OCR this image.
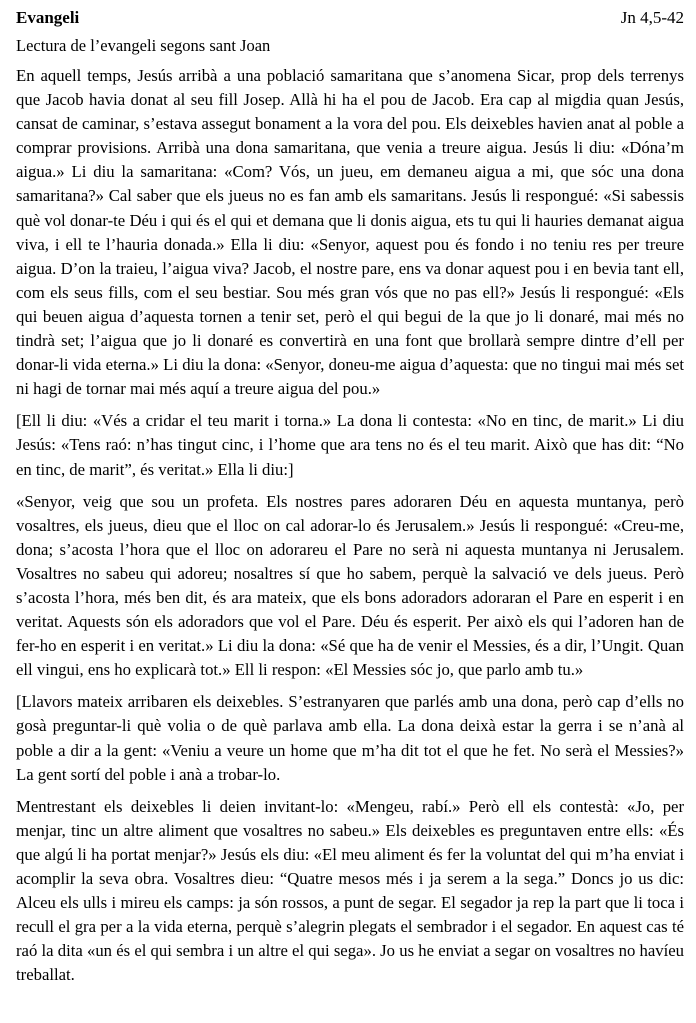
Evangeli	Jn 4,5-42
Lectura de l’evangeli segons sant Joan

En aquell temps, Jesús arribà a una població samaritana que s’anomena Sicar, prop dels terrenys que Jacob havia donat al seu fill Josep. Allà hi ha el pou de Jacob. Era cap al migdia quan Jesús, cansat de caminar, s’estava assegut bonament a la vora del pou. Els deixebles havien anat al poble a comprar provisions. Arribà una dona samaritana, que venia a treure aigua. Jesús li diu: «Dóna’m aigua.» Li diu la samaritana: «Com? Vós, un jueu, em demaneu aigua a mi, que sóc una dona samaritana?» Cal saber que els jueus no es fan amb els samaritans. Jesús li respongué: «Si sabessis què vol donar-te Déu i qui és el qui et demana que li donis aigua, ets tu qui li hauries demanat aigua viva, i ell te l’hauria donada.» Ella li diu: «Senyor, aquest pou és fondo i no teniu res per treure aigua. D’on la traieu, l’aigua viva? Jacob, el nostre pare, ens va donar aquest pou i en bevia tant ell, com els seus fills, com el seu bestiar. Sou més gran vós que no pas ell?» Jesús li respongué: «Els qui beuen aigua d’aquesta tornen a tenir set, però el qui begui de la que jo li donaré, mai més no tindrà set; l’aigua que jo li donaré es convertirà en una font que brollarà sempre dintre d’ell per donar-li vida eterna.» Li diu la dona: «Senyor, doneu-me aigua d’aquesta: que no tingui mai més set ni hagi de tornar mai més aquí a treure aigua del pou.»

[Ell li diu: «Vés a cridar el teu marit i torna.» La dona li contesta: «No en tinc, de marit.» Li diu Jesús: «Tens raó: n’has tingut cinc, i l’home que ara tens no és el teu marit. Això que has dit: “No en tinc, de marit”, és veritat.» Ella li diu:]

«Senyor, veig que sou un profeta. Els nostres pares adoraren Déu en aquesta muntanya, però vosaltres, els jueus, dieu que el lloc on cal adorar-lo és Jerusalem.» Jesús li respongué: «Creu-me, dona; s’acosta l’hora que el lloc on adorareu el Pare no serà ni aquesta muntanya ni Jerusalem. Vosaltres no sabeu qui adoreu; nosaltres sí que ho sabem, perquè la salvació ve dels jueus. Però s’acosta l’hora, més ben dit, és ara mateix, que els bons adoradors adoraran el Pare en esperit i en veritat. Aquests són els adoradors que vol el Pare. Déu és esperit. Per això els qui l’adoren han de fer-ho en esperit i en veritat.» Li diu la dona: «Sé que ha de venir el Messies, és a dir, l’Ungit. Quan ell vingui, ens ho explicarà tot.» Ell li respon: «El Messies sóc jo, que parlo amb tu.»

[Llavors mateix arribaren els deixebles. S’estranyaren que parlés amb una dona, però cap d’ells no gosà preguntar-li què volia o de què parlava amb ella. La dona deixà estar la gerra i se n’anà al poble a dir a la gent: «Veniu a veure un home que m’ha dit tot el que he fet. No serà el Messies?» La gent sortí del poble i anà a trobar-lo.

Mentrestant els deixebles li deien invitant-lo: «Mengeu, rabí.» Però ell els contestà: «Jo, per menjar, tinc un altre aliment que vosaltres no sabeu.» Els deixebles es preguntaven entre ells: «És que algú li ha portat menjar?» Jesús els diu: «El meu aliment és fer la voluntat del qui m’ha enviat i acomplir la seva obra. Vosaltres dieu: “Quatre mesos més i ja serem a la sega.” Doncs jo us dic: Alceu els ulls i mireu els camps: ja són rossos, a punt de segar. El segador ja rep la part que li toca i recull el gra per a la vida eterna, perquè s’alegrin plegats el sembrador i el segador. En aquest cas té raó la dita «un és el qui sembra i un altre el qui sega». Jo us he enviat a segar on vosaltres no havíeu treballat.
